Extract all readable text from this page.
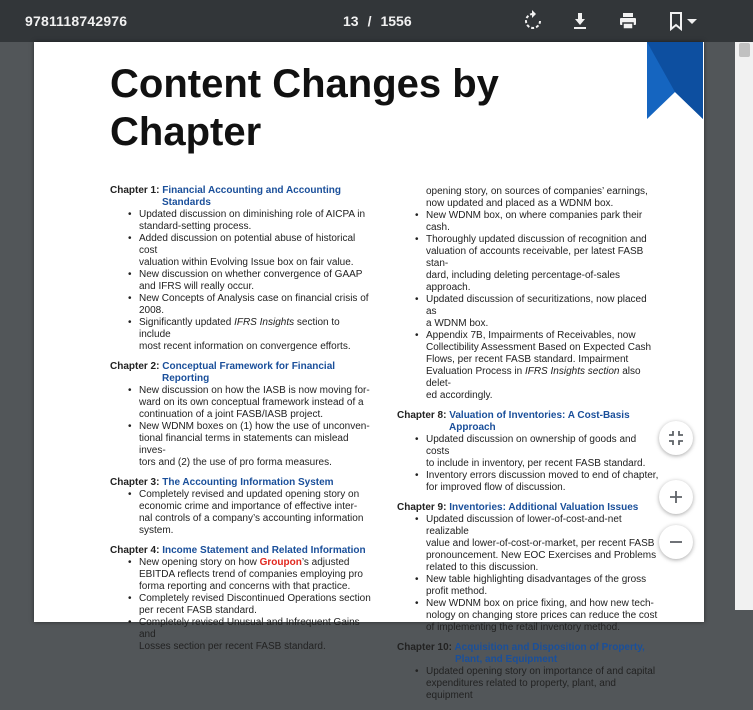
9781118742976	13 / 1556
Content Changes by
Chapter
Chapter 1: Financial Accounting and Accounting
Standards
• Updated discussion on diminishing role of AICPA in
standard-setting process.
• Added discussion on potential abuse of historical cost
valuation within Evolving Issue box on fair value.
• New discussion on whether convergence of GAAP
and IFRS will really occur.
• New Concepts of Analysis case on financial crisis of
2008.
• Significantly updated IFRS Insights section to include
most recent information on convergence efforts.
Chapter 2: Conceptual Framework for Financial
Reporting
• New discussion on how the IASB is now moving for-
ward on its own conceptual framework instead of a
continuation of a joint FASB/IASB project.
• New WDNM boxes on (1) how the use of unconven-
tional financial terms in statements can mislead inves-
tors and (2) the use of pro forma measures.
Chapter 3: The Accounting Information System
• Completely revised and updated opening story on
economic crime and importance of effective inter-
nal controls of a company’s accounting information
system.
Chapter 4: Income Statement and Related Information
• New opening story on how Groupon’s adjusted
EBITDA reflects trend of companies employing pro
forma reporting and concerns with that practice.
• Completely revised Discontinued Operations section
per recent FASB standard.
• Completely revised Unusual and Infrequent Gains and
Losses section per recent FASB standard.
opening story, on sources of companies’ earnings,
now updated and placed as a WDNM box.
• New WDNM box, on where companies park their cash.
• Thoroughly updated discussion of recognition and
valuation of accounts receivable, per latest FASB stan-
dard, including deleting percentage-of-sales approach.
• Updated discussion of securitizations, now placed as
a WDNM box.
• Appendix 7B, Impairments of Receivables, now
Collectibility Assessment Based on Expected Cash
Flows, per recent FASB standard. Impairment
Evaluation Process in IFRS Insights section also delet-
ed accordingly.
Chapter 8: Valuation of Inventories: A Cost-Basis
Approach
• Updated discussion on ownership of goods and costs
to include in inventory, per recent FASB standard.
• Inventory errors discussion moved to end of chapter,
for improved flow of discussion.
Chapter 9: Inventories: Additional Valuation Issues
• Updated discussion of lower-of-cost-and-net realizable
value and lower-of-cost-or-market, per recent FASB
pronouncement. New EOC Exercises and Problems
related to this discussion.
• New table highlighting disadvantages of the gross
profit method.
• New WDNM box on price fixing, and how new tech-
nology on changing store prices can reduce the cost
of implementing the retail inventory method.
Chapter 10: Acquisition and Disposition of Property,
Plant, and Equipment
• Updated opening story on importance of and capital
expenditures related to property, plant, and equipment
